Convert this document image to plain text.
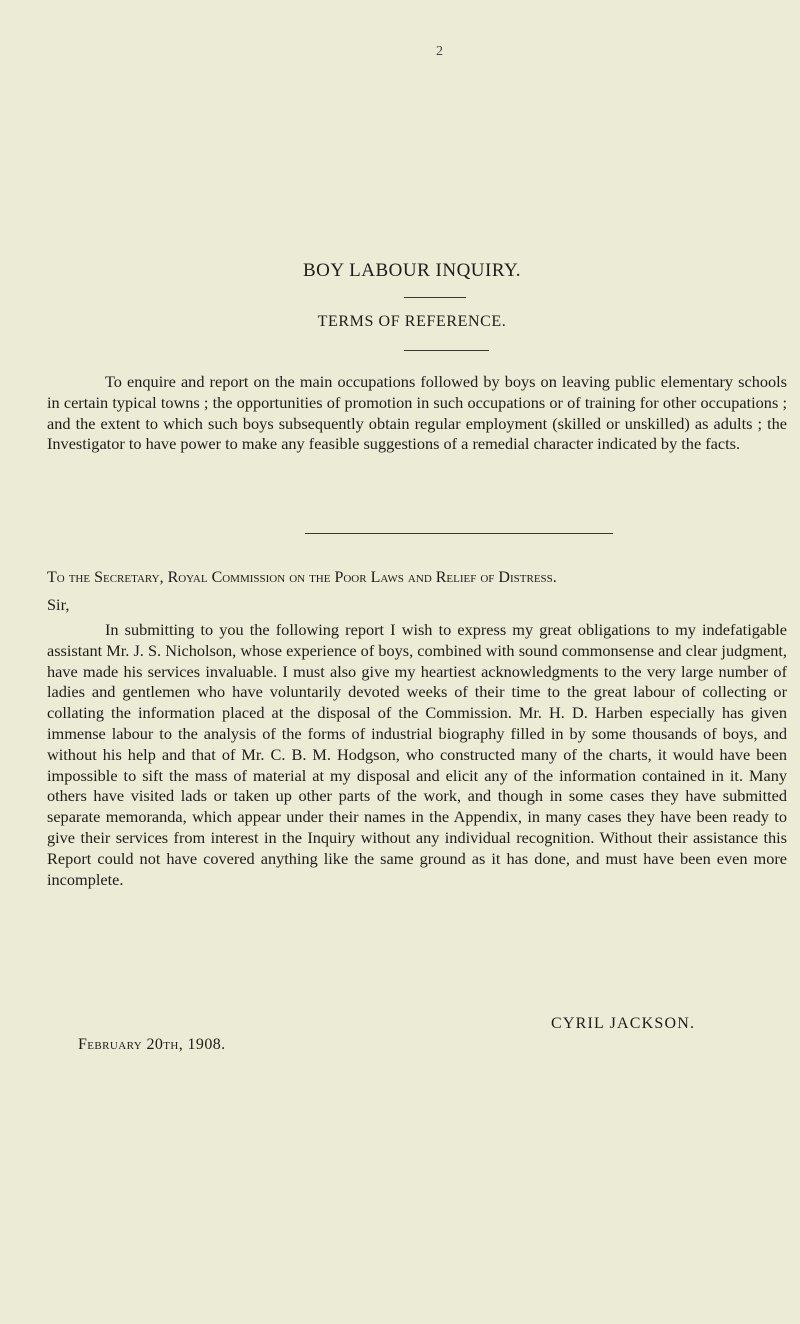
2
BOY LABOUR INQUIRY.
TERMS OF REFERENCE.

To enquire and report on the main occupations followed by boys on leaving public elementary schools in certain typical towns ; the opportunities of promotion in such occupations or of training for other occupations ; and the extent to which such boys subsequently obtain regular employment (skilled or unskilled) as adults ; the Investigator to have power to make any feasible suggestions of a remedial character indicated by the facts.

To the Secretary, Royal Commission on the Poor Laws and Relief of Distress.

Sir,

In submitting to you the following report I wish to express my great obligations to my indefatigable assistant Mr. J. S. Nicholson, whose experience of boys, combined with sound commonsense and clear judgment, have made his services invaluable. I must also give my heartiest acknowledgments to the very large number of ladies and gentlemen who have voluntarily devoted weeks of their time to the great labour of collecting or collating the information placed at the disposal of the Commission. Mr. H. D. Harben especially has given immense labour to the analysis of the forms of industrial biography filled in by some thousands of boys, and without his help and that of Mr. C. B. M. Hodgson, who constructed many of the charts, it would have been impossible to sift the mass of material at my disposal and elicit any of the information contained in it. Many others have visited lads or taken up other parts of the work, and though in some cases they have submitted separate memoranda, which appear under their names in the Appendix, in many cases they have been ready to give their services from interest in the Inquiry without any individual recognition. Without their assistance this Report could not have covered anything like the same ground as it has done, and must have been even more incomplete.

CYRIL JACKSON.

February 20th, 1908.
